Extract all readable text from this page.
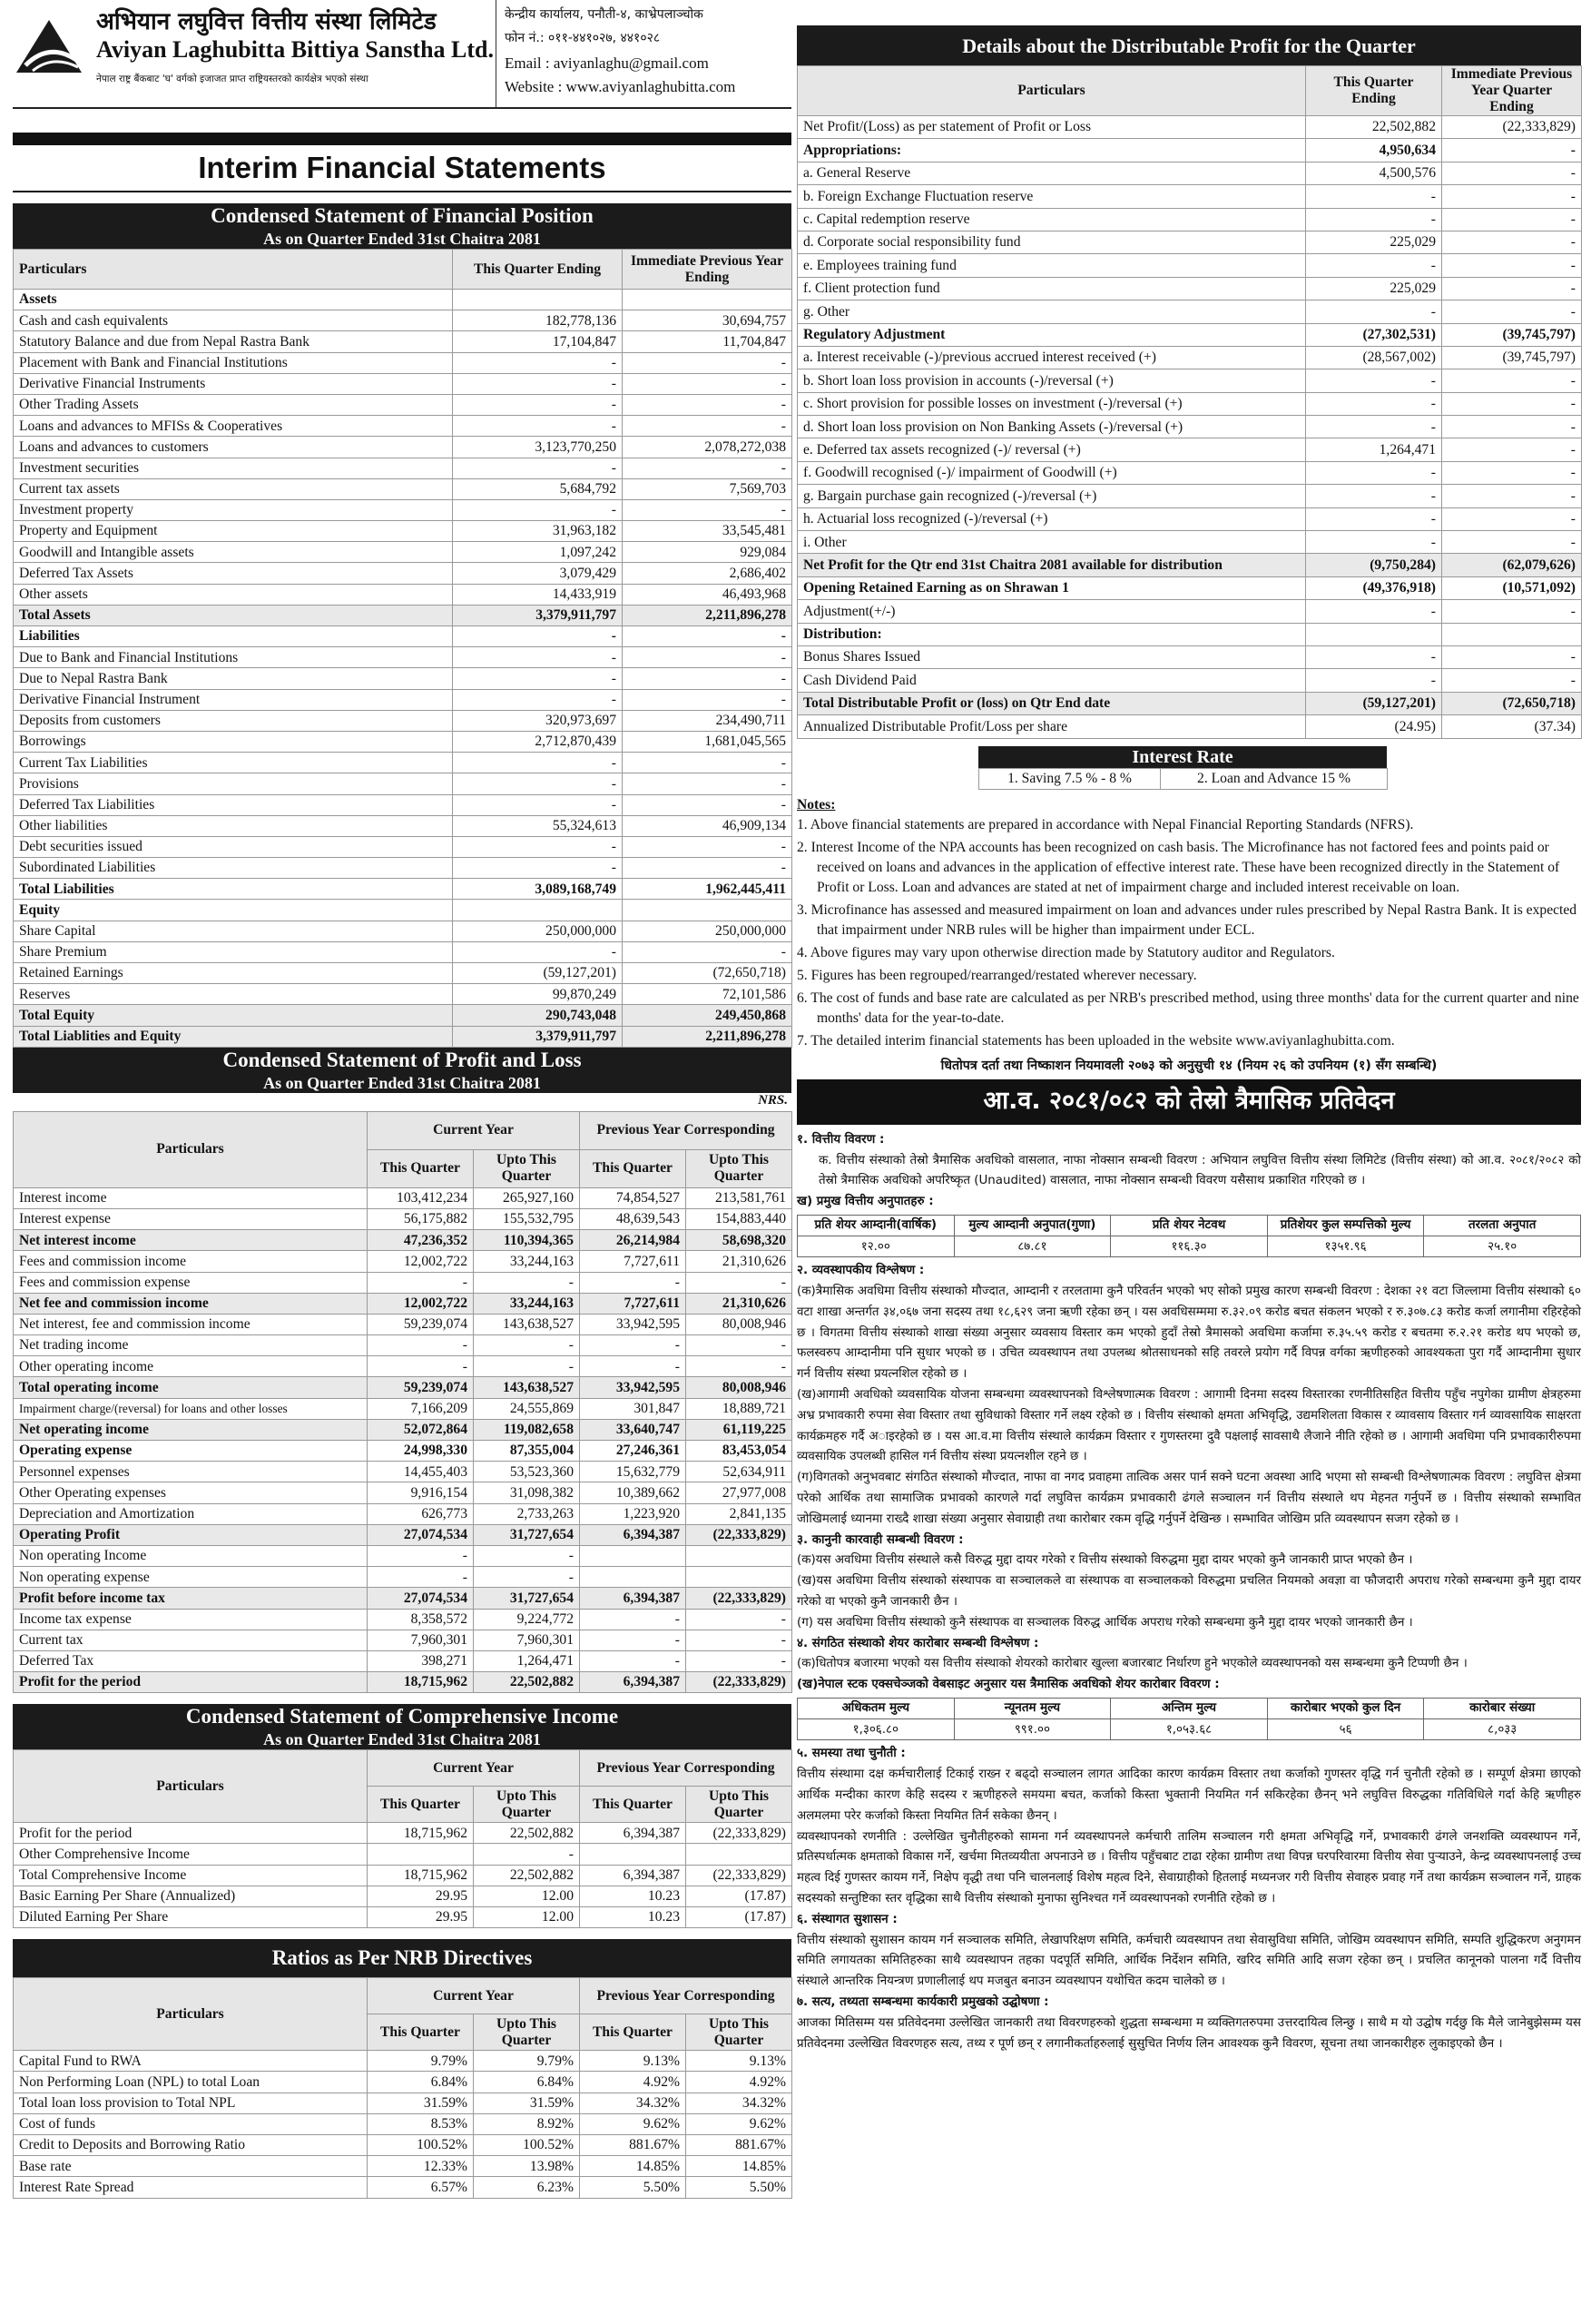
अभियान लघुवित्त वित्तीय संस्था लिमिटेड
Aviyan Laghubitta Bittiya Sanstha Ltd.
नेपाल राष्ट्र बैंकबाट 'घ' वर्गको इजाजत प्राप्त राष्ट्रियस्तरको कार्यक्षेत्र भएको संस्था
केन्द्रीय कार्यालय, पनौती-४, काभ्रेपलाञ्चोक
फोन नं.: ०११-४४१०२७, ४४१०२८
Email : aviyanlaghu@gmail.com
Website : www.aviyanlaghubitta.com
Interim Financial Statements
Condensed Statement of Financial Position
As on Quarter Ended 31st Chaitra 2081
Particulars	This Quarter Ending	Immediate Previous Year Ending
Assets		
Cash and cash equivalents	182,778,136	30,694,757
Statutory Balance and due from Nepal Rastra Bank	17,104,847	11,704,847
Placement with Bank and Financial Institutions	-	-
Derivative Financial Instruments	-	-
Other Trading Assets	-	-
Loans and advances to MFISs & Cooperatives	-	-
Loans and advances to customers	3,123,770,250	2,078,272,038
Investment securities	-	-
Current tax assets	5,684,792	7,569,703
Investment property	-	-
Property and Equipment	31,963,182	33,545,481
Goodwill and Intangible assets	1,097,242	929,084
Deferred Tax Assets	3,079,429	2,686,402
Other assets	14,433,919	46,493,968
Total Assets	3,379,911,797	2,211,896,278
Liabilities	-	-
Due to Bank and Financial Institutions	-	-
Due to Nepal Rastra Bank	-	-
Derivative Financial Instrument	-	-
Deposits from customers	320,973,697	234,490,711
Borrowings	2,712,870,439	1,681,045,565
Current Tax Liabilities	-	-
Provisions	-	-
Deferred Tax Liabilities	-	-
Other liabilities	55,324,613	46,909,134
Debt securities issued	-	-
Subordinated Liabilities	-	-
Total Liabilities	3,089,168,749	1,962,445,411
Equity		
Share Capital	250,000,000	250,000,000
Share Premium	-	-
Retained Earnings	(59,127,201)	(72,650,718)
Reserves	99,870,249	72,101,586
Total Equity	290,743,048	249,450,868
Total Liablities and Equity	3,379,911,797	2,211,896,278
Condensed Statement of Profit and Loss
As on Quarter Ended 31st Chaitra 2081
NRS.
Particulars	Current Year		Previous Year Corresponding	
	This Quarter	Upto This Quarter	This Quarter	Upto This Quarter
Interest income	103,412,234	265,927,160	74,854,527	213,581,761
Interest expense	56,175,882	155,532,795	48,639,543	154,883,440
Net interest income	47,236,352	110,394,365	26,214,984	58,698,320
Fees and commission income	12,002,722	33,244,163	7,727,611	21,310,626
Fees and commission expense	-	-	-	-
Net fee and commission income	12,002,722	33,244,163	7,727,611	21,310,626
Net interest, fee and commission income	59,239,074	143,638,527	33,942,595	80,008,946
Net trading income	-	-	-	-
Other operating income	-	-	-	-
Total operating income	59,239,074	143,638,527	33,942,595	80,008,946
Impairment charge/(reversal) for loans and other losses	7,166,209	24,555,869	301,847	18,889,721
Net operating income	52,072,864	119,082,658	33,640,747	61,119,225
Operating expense	24,998,330	87,355,004	27,246,361	83,453,054
Personnel expenses	14,455,403	53,523,360	15,632,779	52,634,911
Other Operating expenses	9,916,154	31,098,382	10,389,662	27,977,008
Depreciation and Amortization	626,773	2,733,263	1,223,920	2,841,135
Operating Profit	27,074,534	31,727,654	6,394,387	(22,333,829)
Non operating Income	-	-		
Non operating expense	-	-		
Profit before income tax	27,074,534	31,727,654	6,394,387	(22,333,829)
Income tax expense	8,358,572	9,224,772	-	-
Current tax	7,960,301	7,960,301	-	-
Deferred Tax	398,271	1,264,471	-	-
Profit for the period	18,715,962	22,502,882	6,394,387	(22,333,829)
Condensed Statement of Comprehensive Income
As on Quarter Ended 31st Chaitra 2081
Particulars	Current Year		Previous Year Corresponding	
	This Quarter	Upto This Quarter	This Quarter	Upto This Quarter
Profit for the period	18,715,962	22,502,882	6,394,387	(22,333,829)
Other Comprehensive Income		-		
Total Comprehensive Income	18,715,962	22,502,882	6,394,387	(22,333,829)
Basic Earning Per Share (Annualized)	29.95	12.00	10.23	(17.87)
Diluted Earning Per Share	29.95	12.00	10.23	(17.87)
Ratios as Per NRB Directives
Particulars	Current Year		Previous Year Corresponding	
	This Quarter	Upto This Quarter	This Quarter	Upto This Quarter
Capital Fund to RWA	9.79%	9.79%	9.13%	9.13%
Non Performing Loan (NPL) to total Loan	6.84%	6.84%	4.92%	4.92%
Total loan loss provision to Total NPL	31.59%	31.59%	34.32%	34.32%
Cost of funds	8.53%	8.92%	9.62%	9.62%
Credit to Deposits and Borrowing Ratio	100.52%	100.52%	881.67%	881.67%
Base rate	12.33%	13.98%	14.85%	14.85%
Interest Rate Spread	6.57%	6.23%	5.50%	5.50%
Details about the Distributable Profit for the Quarter
Particulars	This Quarter Ending	Immediate Previous Year Quarter Ending
Net Profit/(Loss) as per statement of Profit or Loss	22,502,882	(22,333,829)
Appropriations:	4,950,634	-
a. General Reserve	4,500,576	-
b. Foreign Exchange Fluctuation reserve	-	-
c. Capital redemption reserve	-	-
d. Corporate social responsibility fund	225,029	-
e. Employees training fund	-	-
f. Client protection fund	225,029	-
g. Other	-	-
Regulatory Adjustment	(27,302,531)	(39,745,797)
a. Interest receivable (-)/previous accrued interest received (+)	(28,567,002)	(39,745,797)
b. Short loan loss provision in accounts (-)/reversal (+)	-	-
c. Short provision for possible losses on investment (-)/reversal (+)	-	-
d. Short loan loss provision on Non Banking Assets (-)/reversal (+)	-	-
e. Deferred tax assets recognized (-)/ reversal (+)	1,264,471	-
f. Goodwill recognised (-)/ impairment of Goodwill (+)	-	-
g. Bargain purchase gain recognized (-)/reversal (+)	-	-
h. Actuarial loss recognized (-)/reversal (+)	-	-
i. Other	-	-
Net Profit for the Qtr end 31st Chaitra 2081 available for distribution	(9,750,284)	(62,079,626)
Opening Retained Earning as on Shrawan 1	(49,376,918)	(10,571,092)
Adjustment(+/-)	-	-
Distribution:		
Bonus Shares Issued	-	-
Cash Dividend Paid	-	-
Total Distributable Profit or (loss) on Qtr End date	(59,127,201)	(72,650,718)
Annualized Distributable Profit/Loss per share	(24.95)	(37.34)
Interest Rate
1. Saving 7.5 % - 8 %	2. Loan and Advance 15 %
Notes:

1. Above financial statements are prepared in accordance with Nepal Financial Reporting Standards (NFRS).

2. Interest Income of the NPA accounts has been recognized on cash basis. The Microfinance has not factored fees and points paid or received on loans and advances in the application of effective interest rate. These have been recognized directly in the Statement of Profit or Loss. Loan and advances are stated at net of impairment charge and included interest receivable on loan.

3. Microfinance has assessed and measured impairment on loan and advances under rules prescribed by Nepal Rastra Bank. It is expected that impairment under NRB rules will be higher than impairment under ECL.

4. Above figures may vary upon otherwise direction made by Statutory auditor and Regulators.

5. Figures has been regrouped/rearranged/restated wherever necessary.

6. The cost of funds and base rate are calculated as per NRB's prescribed method, using three months' data for the current quarter and nine months' data for the year-to-date.

7. The detailed interim financial statements has been uploaded in the website www.aviyanlaghubitta.com.

धितोपत्र दर्ता तथा निष्काशन नियमावली २०७३ को अनुसुची १४ (नियम २६ को उपनियम (१) सँग सम्बन्धि)
आ.व. २०८१/०८२ को तेस्रो त्रैमासिक प्रतिवेदन
१. वित्तीय विवरण :
क. वित्तीय संस्थाको तेस्रो त्रैमासिक अवधिको वासलात, नाफा नोक्सान सम्बन्धी विवरण : अभियान लघुवित्त वित्तीय संस्था लिमिटेड (वित्तीय संस्था) को आ.व. २०८१/२०८२ को तेस्रो त्रैमासिक अवधिको अपरिष्कृत (Unaudited) वासलात, नाफा नोक्सान सम्बन्धी विवरण यसैसाथ प्रकाशित गरिएको छ ।
ख) प्रमुख वित्तीय अनुपातहरु :
प्रति शेयर आम्दानी(वार्षिक)	मुल्य आम्दानी अनुपात(गुणा)	प्रति शेयर नेटवथ	प्रतिशेयर कुल सम्पत्तिको मुल्य	तरलता अनुपात
१२.००	८७.८१	११६.३०	१३५१.९६	२५.१०
२. व्यवस्थापकीय विश्लेषण :
(क)त्रैमासिक अवधिमा वित्तीय संस्थाको मौज्दात, आम्दानी र तरलतामा कुनै परिवर्तन भएको भए सोको प्रमुख कारण सम्बन्धी विवरण : देशका २१ वटा जिल्लामा वित्तीय संस्थाको ६० वटा शाखा अन्तर्गत ३४,०६७ जना सदस्य तथा १८,६२९ जना ऋणी रहेका छन् । यस अवधिसम्ममा रु.३२.०९ करोड बचत संकलन भएको र रु.३०७.८३ करोड कर्जा लगानीमा रहिरहेको छ । विगतमा वित्तीय संस्थाको शाखा संख्या अनुसार व्यवसाय विस्तार कम भएको हुदाँ तेस्रो त्रैमासको अवधिमा कर्जामा रु.३५.५९ करोड र बचतमा रु.२.२१ करोड थप भएको छ, फलस्वरुप आम्दानीमा पनि सुधार भएको छ । उचित व्यवस्थापन तथा उपलब्ध श्रोतसाधनको सहि तवरले प्रयोग गर्दै विपन्न वर्गका ऋणीहरुको आवश्यकता पुरा गर्दै आम्दानीमा सुधार गर्न वित्तीय संस्था प्रयत्नशिल रहेको छ ।
(ख)आगामी अवधिको व्यवसायिक योजना सम्बन्धमा व्यवस्थापनको विश्लेषणात्मक विवरण : आगामी दिनमा सदस्य विस्तारका रणनीतिसहित वित्तीय पहुँच नपुगेका ग्रामीण क्षेत्रहरुमा अभ्र प्रभावकारी रुपमा सेवा विस्तार तथा सुविधाको विस्तार गर्ने लक्ष्य रहेको छ । वित्तीय संस्थाको क्षमता अभिवृद्धि, उद्यमशिलता विकास र व्यावसाय विस्तार गर्न व्यावसायिक साक्षरता कार्यक्रमहरु गर्दै अाइरहेको छ । यस आ.व.मा वित्तीय संस्थाले कार्यक्रम विस्तार र गुणस्तरमा दुवै पक्षलाई सावसाथै लैजाने नीति रहेको छ । आगामी अवधिमा पनि प्रभावकारीरुपमा व्यवसायिक उपलब्धी हासिल गर्न वित्तीय संस्था प्रयत्नशील रहने छ ।
(ग)विगतको अनुभवबाट संगठित संस्थाको मौज्दात, नाफा वा नगद प्रवाहमा तात्विक असर पार्न सक्ने घटना अवस्था आदि भएमा सो सम्बन्धी विश्लेषणात्मक विवरण : लघुवित्त क्षेत्रमा परेको आर्थिक तथा सामाजिक प्रभावको कारणले गर्दा लघुवित्त कार्यक्रम प्रभावकारी ढंगले सञ्चालन गर्न वित्तीय संस्थाले थप मेहनत गर्नुपर्ने छ । वित्तीय संस्थाको सम्भावित जोखिमलाई ध्यानमा राख्दै शाखा संख्या अनुसार सेवाग्राही तथा कारोबार रकम वृद्धि गर्नुपर्ने देखिन्छ । सम्भावित जोखिम प्रति व्यवस्थापन सजग रहेको छ ।
३. कानुनी कारवाही सम्बन्धी विवरण :
(क)यस अवधिमा वित्तीय संस्थाले कसै विरुद्ध मुद्दा दायर गरेको र वित्तीय संस्थाको विरुद्धमा मुद्दा दायर भएको कुनै जानकारी प्राप्त भएको छैन ।
(ख)यस अवधिमा वित्तीय संस्थाको संस्थापक वा सञ्चालकले वा संस्थापक वा सञ्चालकको विरुद्धमा प्रचलित नियमको अवज्ञा वा फौजदारी अपराध गरेको सम्बन्धमा कुनै मुद्दा दायर गरेको वा भएको कुनै जानकारी छैन ।
(ग) यस अवधिमा वित्तीय संस्थाको कुनै संस्थापक वा सञ्चालक विरुद्ध आर्थिक अपराध गरेको सम्बन्धमा कुनै मुद्दा दायर भएको जानकारी छैन ।
४. संगठित संस्थाको शेयर कारोबार सम्बन्धी विश्लेषण :
(क)धितोपत्र बजारमा भएको यस वित्तीय संस्थाको शेयरको कारोबार खुल्ला बजारबाट निर्धारण हुने भएकोले व्यवस्थापनको यस सम्बन्धमा कुनै टिप्पणी छैन ।
(ख)नेपाल स्टक एक्सचेञ्जको वेबसाइट अनुसार यस त्रैमासिक अवधिको शेयर कारोबार विवरण :
अधिकतम मुल्य	न्यूनतम मुल्य	अन्तिम मुल्य	कारोबार भएको कुल दिन	कारोबार संख्या
१,३०६.८०	९९१.००	१,०५३.६८	५६	८,०३३
५. समस्या तथा चुनौती :
वित्तीय संस्थामा दक्ष कर्मचारीलाई टिकाई राख्न र बढ्दो सञ्चालन लागत आदिका कारण कार्यक्रम विस्तार तथा कर्जाको गुणस्तर वृद्धि गर्न चुनौती रहेको छ । सम्पूर्ण क्षेत्रमा छाएको आर्थिक मन्दीका कारण केहि सदस्य र ऋणीहरुले समयमा बचत, कर्जाको किस्ता भुक्तानी नियमित गर्न सकिरहेका छैनन् भने लघुवित्त विरुद्धका गतिविधिले गर्दा केहि ऋणीहरु अलमलमा परेर कर्जाको किस्ता नियमित तिर्न सकेका छैनन् ।
व्यवस्थापनको रणनीति : उल्लेखित चुनौतीहरुको सामना गर्न व्यवस्थापनले कर्मचारी तालिम सञ्चालन गरी क्षमता अभिवृद्धि गर्ने, प्रभावकारी ढंगले जनशक्ति व्यवस्थापन गर्ने, प्रतिस्पर्धात्मक क्षमताको विकास गर्ने, खर्चमा मितव्ययीता अपनाउने छ । वित्तीय पहुँचबाट टाढा रहेका ग्रामीण तथा विपन्न घरपरिवारमा वित्तीय सेवा पुऱ्याउने, केन्द्र व्यवस्थापनलाई उच्च महत्व दिई गुणस्तर कायम गर्ने, निक्षेप वृद्धी तथा पनि चालनलाई विशेष महत्व दिने, सेवाग्राहीको हितलाई मध्यनजर गरी वित्तीय सेवाहरु प्रवाह गर्ने तथा कार्यक्रम सञ्चालन गर्ने, ग्राहक सदस्यको सन्तुष्टिका स्तर वृद्धिका साथै वित्तीय संस्थाको मुनाफा सुनिश्चत गर्ने व्यवस्थापनको रणनीति रहेको छ ।
६. संस्थागत सुशासन :
वित्तीय संस्थाको सुशासन कायम गर्न सञ्चालक समिति, लेखापरिक्षण समिति, कर्मचारी व्यवस्थापन तथा सेवासुविधा समिति, जोखिम व्यवस्थापन समिति, सम्पति शुद्धिकरण अनुगमन समिति लगायतका समितिहरुका साथै व्यवस्थापन तहका पदपूर्ति समिति, आर्थिक निर्देशन समिति, खरिद समिति आदि सजग रहेका छन् । प्रचलित कानूनको पालना गर्दै वित्तीय संस्थाले आन्तरिक नियन्त्रण प्रणालीलाई थप मजबुत बनाउन व्यवस्थापन यथोचित कदम चालेको छ ।
७. सत्य, तथ्यता सम्बन्धमा कार्यकारी प्रमुखको उद्घोषणा :
आजका मितिसम्म यस प्रतिवेदनमा उल्लेखित जानकारी तथा विवरणहरुको शुद्धता सम्बन्धमा म व्यक्तिगतरुपमा उत्तरदायित्व लिन्छु । साथै म यो उद्घोष गर्दछु कि मैले जानेबुझेसम्म यस प्रतिवेदनमा उल्लेखित विवरणहरु सत्य, तथ्य र पूर्ण छन् र लगानीकर्ताहरुलाई सुसुचित निर्णय लिन आवश्यक कुनै विवरण, सूचना तथा जानकारीहरु लुकाइएको छैन ।
